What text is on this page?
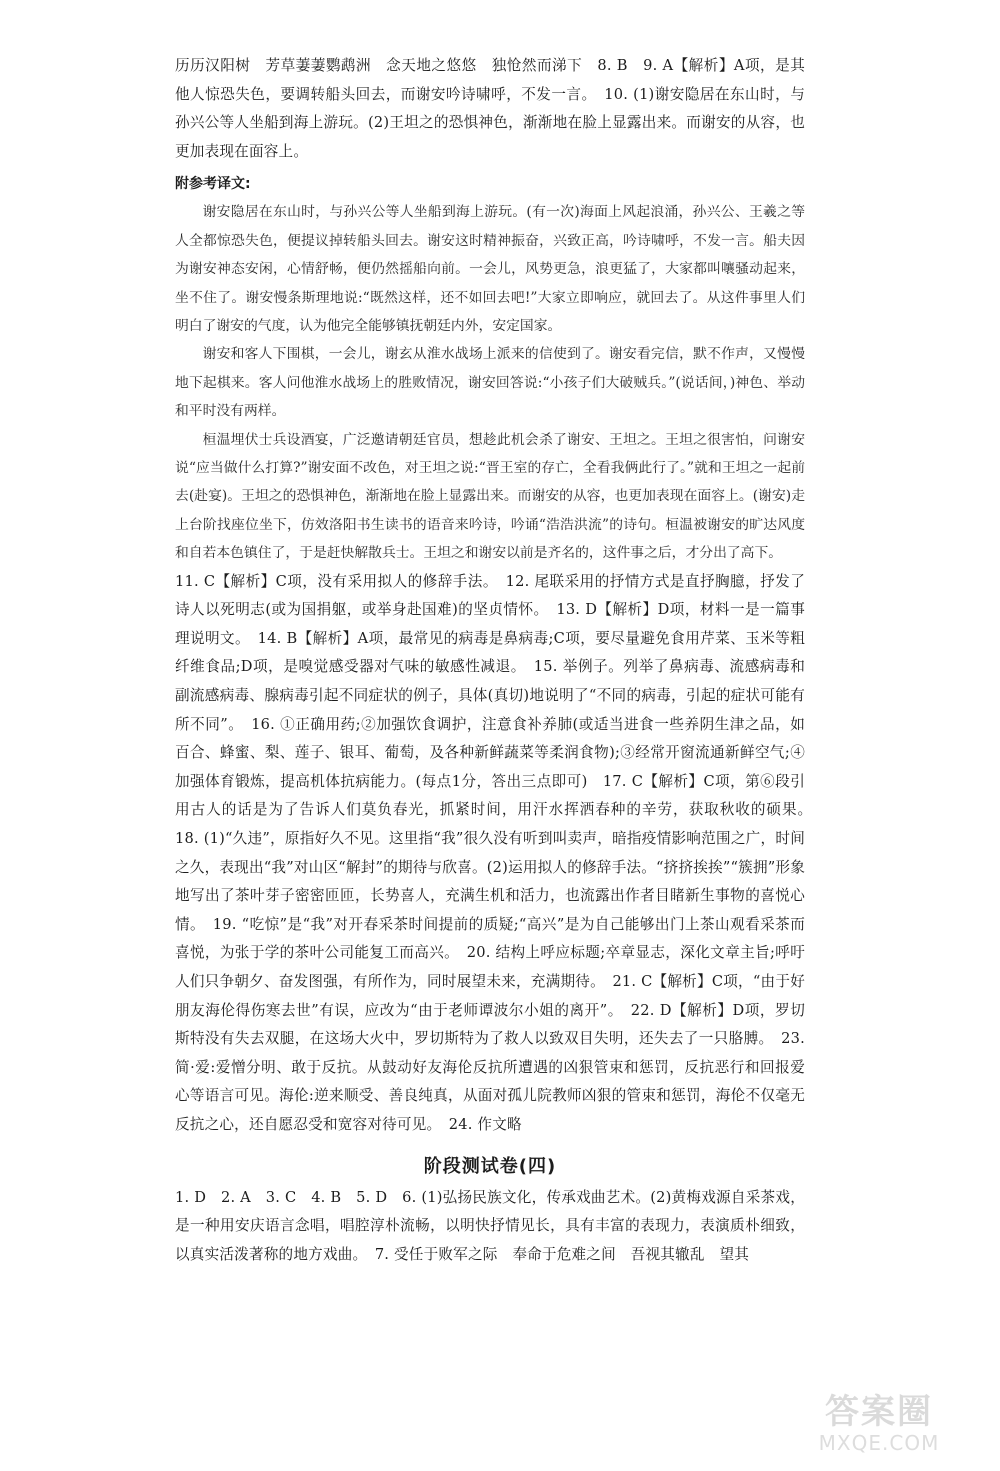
历历汉阳树　芳草萋萋鹦鹉洲　念天地之悠悠　独怆然而涕下　8. B　9. A【解析】A项，是其他人惊恐失色，要调转船头回去，而谢安吟诗啸呼，不发一言。　10. (1)谢安隐居在东山时，与孙兴公等人坐船到海上游玩。(2)王坦之的恐惧神色，渐渐地在脸上显露出来。而谢安的从容，也更加表现在面容上。

附参考译文:

谢安隐居在东山时，与孙兴公等人坐船到海上游玩。(有一次)海面上风起浪涌，孙兴公、王羲之等人全都惊恐失色，便提议掉转船头回去。谢安这时精神振奋，兴致正高，吟诗啸呼，不发一言。船夫因为谢安神态安闲，心情舒畅，便仍然摇船向前。一会儿，风势更急，浪更猛了，大家都叫嚷骚动起来，坐不住了。谢安慢条斯理地说:“既然这样，还不如回去吧!”大家立即响应，就回去了。从这件事里人们明白了谢安的气度，认为他完全能够镇抚朝廷内外，安定国家。

谢安和客人下围棋，一会儿，谢玄从淮水战场上派来的信使到了。谢安看完信，默不作声，又慢慢地下起棋来。客人问他淮水战场上的胜败情况，谢安回答说:“小孩子们大破贼兵。”(说话间，)神色、举动和平时没有两样。

桓温埋伏士兵设酒宴，广泛邀请朝廷官员，想趁此机会杀了谢安、王坦之。王坦之很害怕，问谢安说“应当做什么打算?”谢安面不改色，对王坦之说:“晋王室的存亡，全看我俩此行了。”就和王坦之一起前去(赴宴)。王坦之的恐惧神色，渐渐地在脸上显露出来。而谢安的从容，也更加表现在面容上。(谢安)走上台阶找座位坐下，仿效洛阳书生读书的语音来吟诗，吟诵“浩浩洪流”的诗句。桓温被谢安的旷达风度和自若本色镇住了，于是赶快解散兵士。王坦之和谢安以前是齐名的，这件事之后，才分出了高下。

11. C【解析】C项，没有采用拟人的修辞手法。　12. 尾联采用的抒情方式是直抒胸臆，抒发了诗人以死明志(或为国捐躯，或举身赴国难)的坚贞情怀。　13. D【解析】D项，材料一是一篇事理说明文。　14. B【解析】A项，最常见的病毒是鼻病毒;C项，要尽量避免食用芹菜、玉米等粗纤维食品;D项，是嗅觉感受器对气味的敏感性减退。　15. 举例子。列举了鼻病毒、流感病毒和副流感病毒、腺病毒引起不同症状的例子，具体(真切)地说明了“不同的病毒，引起的症状可能有所不同”。　16. ①正确用药;②加强饮食调护，注意食补养肺(或适当进食一些养阴生津之品，如百合、蜂蜜、梨、莲子、银耳、葡萄，及各种新鲜蔬菜等柔润食物);③经常开窗流通新鲜空气;④加强体育锻炼，提高机体抗病能力。(每点1分，答出三点即可)　17. C【解析】C项，第⑥段引用古人的话是为了告诉人们莫负春光，抓紧时间，用汗水挥洒春种的辛劳，获取秋收的硕果。　18. (1)“久违”，原指好久不见。这里指“我”很久没有听到叫卖声，暗指疫情影响范围之广，时间之久，表现出“我”对山区“解封”的期待与欣喜。(2)运用拟人的修辞手法。“挤挤挨挨”“簇拥”形象地写出了茶叶芽子密密匝匝，长势喜人，充满生机和活力，也流露出作者目睹新生事物的喜悦心情。　19. “吃惊”是“我”对开春采茶时间提前的质疑;“高兴”是为自己能够出门上茶山观看采茶而喜悦，为张于学的茶叶公司能复工而高兴。　20. 结构上呼应标题;卒章显志，深化文章主旨;呼吁人们只争朝夕、奋发图强，有所作为，同时展望未来，充满期待。　21. C【解析】C项，“由于好朋友海伦得伤寒去世”有误，应改为“由于老师谭波尔小姐的离开”。　22. D【解析】D项，罗切斯特没有失去双腿，在这场大火中，罗切斯特为了救人以致双目失明，还失去了一只胳膊。　23. 简·爱:爱憎分明、敢于反抗。从鼓动好友海伦反抗所遭遇的凶狠管束和惩罚，反抗恶行和回报爱心等语言可见。海伦:逆来顺受、善良纯真，从面对孤儿院教师凶狠的管束和惩罚，海伦不仅毫无反抗之心，还自愿忍受和宽容对待可见。　24. 作文略

阶段测试卷(四)

1. D　2. A　3. C　4. B　5. D　6. (1)弘扬民族文化，传承戏曲艺术。(2)黄梅戏源自采茶戏，是一种用安庆语言念唱，唱腔淳朴流畅，以明快抒情见长，具有丰富的表现力，表演质朴细致，以真实活泼著称的地方戏曲。　7. 受任于败军之际　奉命于危难之间　吾视其辙乱　望其

答案圈
MXQE.COM
